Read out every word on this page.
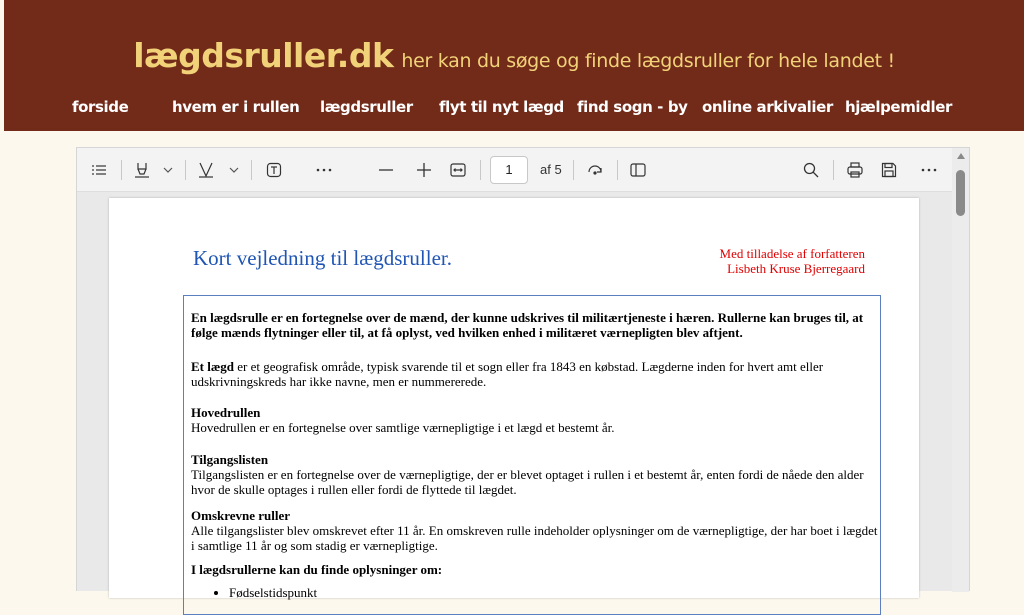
lægdsruller.dk her kan du søge og finde lægdsruller for hele landet !
forside	hvem er i rullen lægdsruller flyt til nyt lægd find sogn - by online arkivalier hjælpemidler
1	af 5
Kort vejledning til lægdsruller.	Med tilladelse af forfatteren
Lisbeth Kruse Bjerregaard
En lægdsrulle er en fortegnelse over de mænd, der kunne udskrives til militærtjeneste i hæren. Rullerne kan bruges til, at følge mænds flytninger eller til, at få oplyst, ved hvilken enhed i militæret værnepligten blev aftjent.
Et lægd er et geografisk område, typisk svarende til et sogn eller fra 1843 en købstad. Lægderne inden for hvert amt eller udskrivningskreds har ikke navne, men er nummererede.
Hovedrullen
Hovedrullen er en fortegnelse over samtlige værnepligtige i et lægd et bestemt år.
Tilgangslisten
Tilgangslisten er en fortegnelse over de værnepligtige, der er blevet optaget i rullen i et bestemt år, enten fordi de nåede den alder hvor de skulle optages i rullen eller fordi de flyttede til lægdet.
Omskrevne ruller
Alle tilgangslister blev omskrevet efter 11 år. En omskreven rulle indeholder oplysninger om de værnepligtige, der har boet i lægdet i samtlige 11 år og som stadig er værnepligtige.
I lægdsrullerne kan du finde oplysninger om:
• Fødselstidspunkt
